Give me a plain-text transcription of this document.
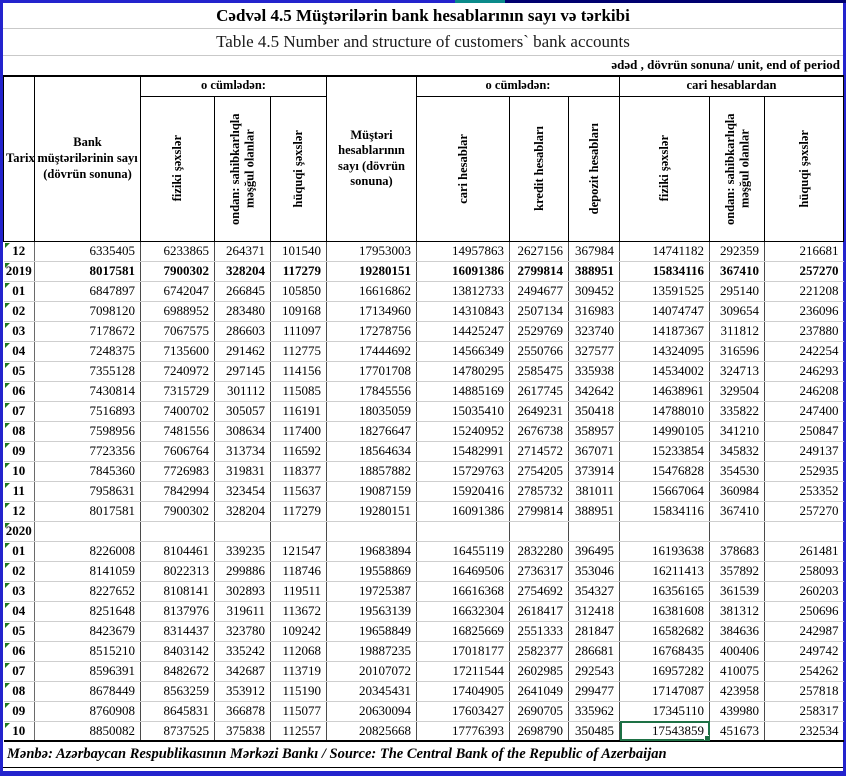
Cədvəl 4.5 Müştərilərin bank hesablarının sayı və tərkibi
Table 4.5 Number and structure of customers` bank accounts
ədəd , dövrün sonuna/ unit, end of period
Tarix	Bank müştərilərinin sayı (dövrün sonuna)	o cümlədən:			Müştəri hesablarının sayı (dövrün sonuna)	o cümlədən:			cari hesablardan		

		fiziki şəxslər	ondan: sahibkarlıqla məşğul olanlar	hüquqi şəxslər		cari hesablar	kredit hesabları	depozit hesabları	fiziki şəxslər	ondan: sahibkarlıqla məşğul olanlar	hüquqi şəxslər

12	6335405	6233865	264371	101540	17953003	14957863	2627156	367984	14741182	292359	216681

2019	8017581	7900302	328204	117279	19280151	16091386	2799814	388951	15834116	367410	257270

01	6847897	6742047	266845	105850	16616862	13812733	2494677	309452	13591525	295140	221208

02	7098120	6988952	283480	109168	17134960	14310843	2507134	316983	14074747	309654	236096

03	7178672	7067575	286603	111097	17278756	14425247	2529769	323740	14187367	311812	237880

04	7248375	7135600	291462	112775	17444692	14566349	2550766	327577	14324095	316596	242254

05	7355128	7240972	297145	114156	17701708	14780295	2585475	335938	14534002	324713	246293

06	7430814	7315729	301112	115085	17845556	14885169	2617745	342642	14638961	329504	246208

07	7516893	7400702	305057	116191	18035059	15035410	2649231	350418	14788010	335822	247400

08	7598956	7481556	308634	117400	18276647	15240952	2676738	358957	14990105	341210	250847

09	7723356	7606764	313734	116592	18564634	15482991	2714572	367071	15233854	345832	249137

10	7845360	7726983	319831	118377	18857882	15729763	2754205	373914	15476828	354530	252935

11	7958631	7842994	323454	115637	19087159	15920416	2785732	381011	15667064	360984	253352

12	8017581	7900302	328204	117279	19280151	16091386	2799814	388951	15834116	367410	257270

2020											

01	8226008	8104461	339235	121547	19683894	16455119	2832280	396495	16193638	378683	261481

02	8141059	8022313	299886	118746	19558869	16469506	2736317	353046	16211413	357892	258093

03	8227652	8108141	302893	119511	19725387	16616368	2754692	354327	16356165	361539	260203

04	8251648	8137976	319611	113672	19563139	16632304	2618417	312418	16381608	381312	250696

05	8423679	8314437	323780	109242	19658849	16825669	2551333	281847	16582682	384636	242987

06	8515210	8403142	335242	112068	19887235	17018177	2582377	286681	16768435	400406	249742

07	8596391	8482672	342687	113719	20107072	17211544	2602985	292543	16957282	410075	254262

08	8678449	8563259	353912	115190	20345431	17404905	2641049	299477	17147087	423958	257818

09	8760908	8645831	366878	115077	20630094	17603427	2690705	335962	17345110	439980	258317

10	8850082	8737525	375838	112557	20825668	17776393	2698790	350485	17543859	451673	232534
Mənbə: Azərbaycan Respublikasının Mərkəzi Bankı / Source: The Central Bank of the Republic of Azerbaijan
